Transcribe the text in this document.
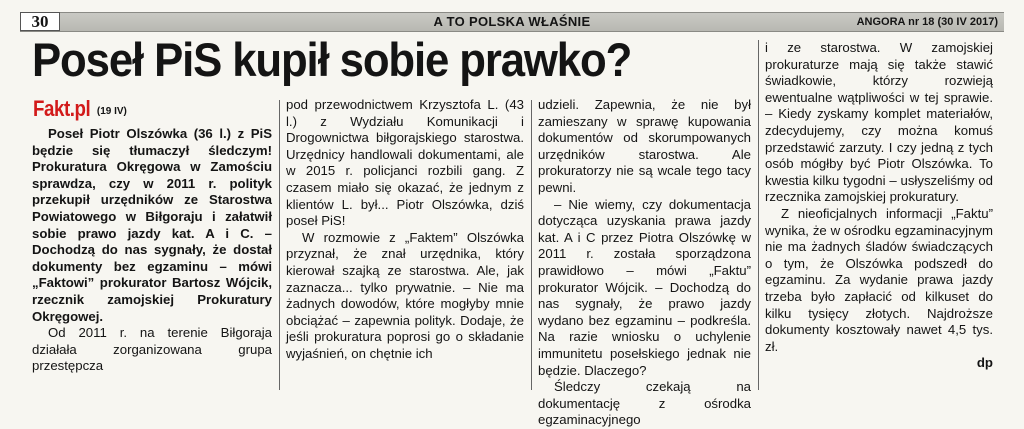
30	A TO POLSKA WŁAŚNIE	ANGORA nr 18 (30 IV 2017)
Poseł PiS kupił sobie prawko?
Fakt.pl (19 IV)

Poseł Piotr Olszówka (36 l.) z PiS będzie się tłumaczył śledczym! Prokuratura Okręgowa w Zamościu sprawdza, czy w 2011 r. polityk przekupił urzędników ze Starostwa Powiatowego w Biłgoraju i załatwił sobie prawo jazdy kat. A i C. – Dochodzą do nas sygnały, że dostał dokumenty bez egzaminu – mówi „Faktowi” prokurator Bartosz Wójcik, rzecznik zamojskiej Prokuratury Okręgowej.

Od 2011 r. na terenie Biłgoraja działała zorganizowana grupa przestępcza

pod przewodnictwem Krzysztofa L. (43 l.) z Wydziału Komunikacji i Drogownictwa biłgorajskiego starostwa. Urzędnicy handlowali dokumentami, ale w 2015 r. policjanci rozbili gang. Z czasem miało się okazać, że jednym z klientów L. był... Piotr Olszówka, dziś poseł PiS!

W rozmowie z „Faktem” Olszówka przyznał, że znał urzędnika, który kierował szajką ze starostwa. Ale, jak zaznacza... tylko prywatnie. – Nie ma żadnych dowodów, które mogłyby mnie obciążać – zapewnia polityk. Dodaje, że jeśli prokuratura poprosi go o składanie wyjaśnień, on chętnie ich

udzieli. Zapewnia, że nie był zamieszany w sprawę kupowania dokumentów od skorumpowanych urzędników starostwa. Ale prokuratorzy nie są wcale tego tacy pewni.

– Nie wiemy, czy dokumentacja dotycząca uzyskania prawa jazdy kat. A i C przez Piotra Olszówkę w 2011 r. została sporządzona prawidłowo – mówi „Faktu” prokurator Wójcik. – Dochodzą do nas sygnały, że prawo jazdy wydano bez egzaminu – podkreśla. Na razie wniosku o uchylenie immunitetu posełskiego jednak nie będzie. Dlaczego?

Śledczy czekają na dokumentację z ośrodka egzaminacyjnego

i ze starostwa. W zamojskiej prokuraturze mają się także stawić świadkowie, którzy rozwieją ewentualne wątpliwości w tej sprawie. – Kiedy zyskamy komplet materiałów, zdecydujemy, czy można komuś przedstawić zarzuty. I czy jedną z tych osób mógłby być Piotr Olszówka. To kwestia kilku tygodni – usłyszeliśmy od rzecznika zamojskiej prokuratury.

Z nieoficjalnych informacji „Faktu” wynika, że w ośrodku egzaminacyjnym nie ma żadnych śladów świadczących o tym, że Olszówka podszedł do egzaminu. Za wydanie prawa jazdy trzeba było zapłacić od kilkuset do kilku tysięcy złotych. Najdroższe dokumenty kosztowały nawet 4,5 tys. zł.

dp
